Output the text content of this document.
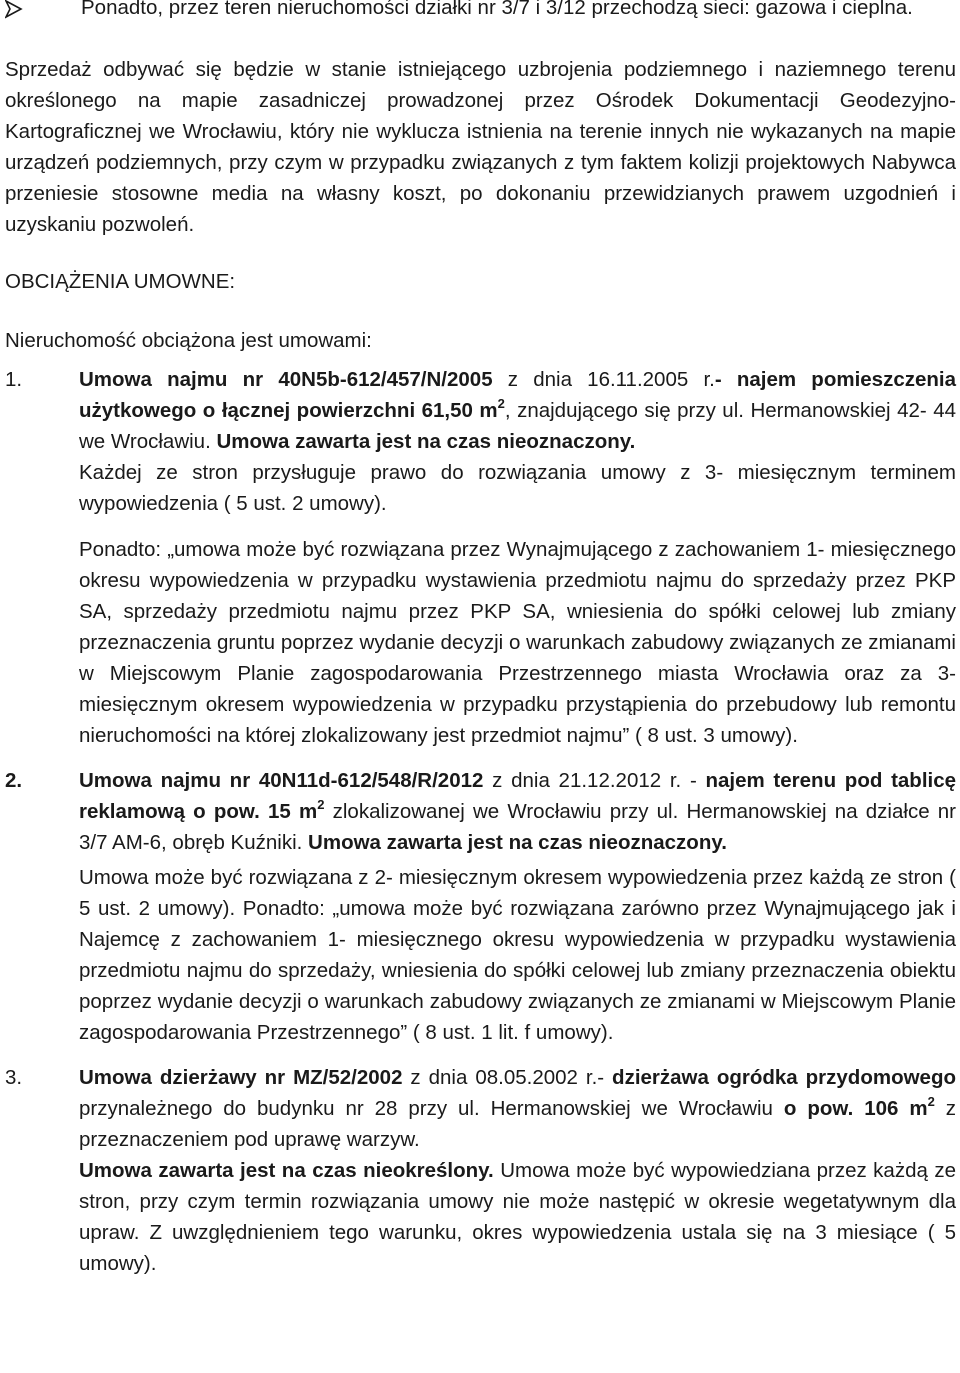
Ponadto, przez teren nieruchomości działki nr 3/7 i 3/12 przechodzą sieci: gazowa i cieplna.

Sprzedaż odbywać się będzie w stanie istniejącego uzbrojenia podziemnego i naziemnego terenu określonego na mapie zasadniczej prowadzonej przez Ośrodek Dokumentacji Geodezyjno- Kartograficznej we Wrocławiu, który nie wyklucza istnienia na terenie innych nie wykazanych na mapie urządzeń podziemnych, przy czym w przypadku związanych z tym faktem kolizji projektowych Nabywca przeniesie stosowne media na własny koszt, po dokonaniu przewidzianych prawem uzgodnień i uzyskaniu pozwoleń.

OBCIĄŻENIA UMOWNE:

Nieruchomość obciążona jest umowami:

1.	Umowa najmu nr 40N5b-612/457/N/2005 z dnia 16.11.2005 r.- najem pomieszczenia użytkowego o łącznej powierzchni 61,50 $m^2$, znajdującego się przy ul. Hermanowskiej 42- 44 we Wrocławiu. Umowa zawarta jest na czas nieoznaczony.

Każdej ze stron przysługuje prawo do rozwiązania umowy z 3- miesięcznym terminem wypowiedzenia ( 5 ust. 2 umowy).

Ponadto: „umowa może być rozwiązana przez Wynajmującego z zachowaniem 1- miesięcznego okresu wypowiedzenia w przypadku wystawienia przedmiotu najmu do sprzedaży przez PKP SA, sprzedaży przedmiotu najmu przez PKP SA, wniesienia do spółki celowej lub zmiany przeznaczenia gruntu poprzez wydanie decyzji o warunkach zabudowy związanych ze zmianami w Miejscowym Planie zagospodarowania Przestrzennego miasta Wrocławia oraz za 3- miesięcznym okresem wypowiedzenia w przypadku przystąpienia do przebudowy lub remontu nieruchomości na której zlokalizowany jest przedmiot najmu” ( 8 ust. 3 umowy).

2.	Umowa najmu nr 40N11d-612/548/R/2012 z dnia 21.12.2012 r. - najem terenu pod tablicę reklamową o pow. 15 $m^2$ zlokalizowanej we Wrocławiu przy ul. Hermanowskiej na działce nr 3/7 AM-6, obręb Kuźniki. Umowa zawarta jest na czas nieoznaczony.

Umowa może być rozwiązana z 2- miesięcznym okresem wypowiedzenia przez każdą ze stron ( 5 ust. 2 umowy). Ponadto: „umowa może być rozwiązana zarówno przez Wynajmującego jak i Najemcę z zachowaniem 1- miesięcznego okresu wypowiedzenia w przypadku wystawienia przedmiotu najmu do sprzedaży, wniesienia do spółki celowej lub zmiany przeznaczenia obiektu poprzez wydanie decyzji o warunkach zabudowy związanych ze zmianami w Miejscowym Planie zagospodarowania Przestrzennego” ( 8 ust. 1 lit. f umowy).

3.	Umowa dzierżawy nr MZ/52/2002 z dnia 08.05.2002 r.- dzierżawa ogródka przydomowego przynależnego do budynku nr 28 przy ul. Hermanowskiej we Wrocławiu o pow. 106 $m^2$ z przeznaczeniem pod uprawę warzyw.

Umowa zawarta jest na czas nieokreślony. Umowa może być wypowiedziana przez każdą ze stron, przy czym termin rozwiązania umowy nie może następić w okresie wegetatywnym dla upraw. Z uwzględnieniem tego warunku, okres wypowiedzenia ustala się na 3 miesiące ( 5 umowy).
